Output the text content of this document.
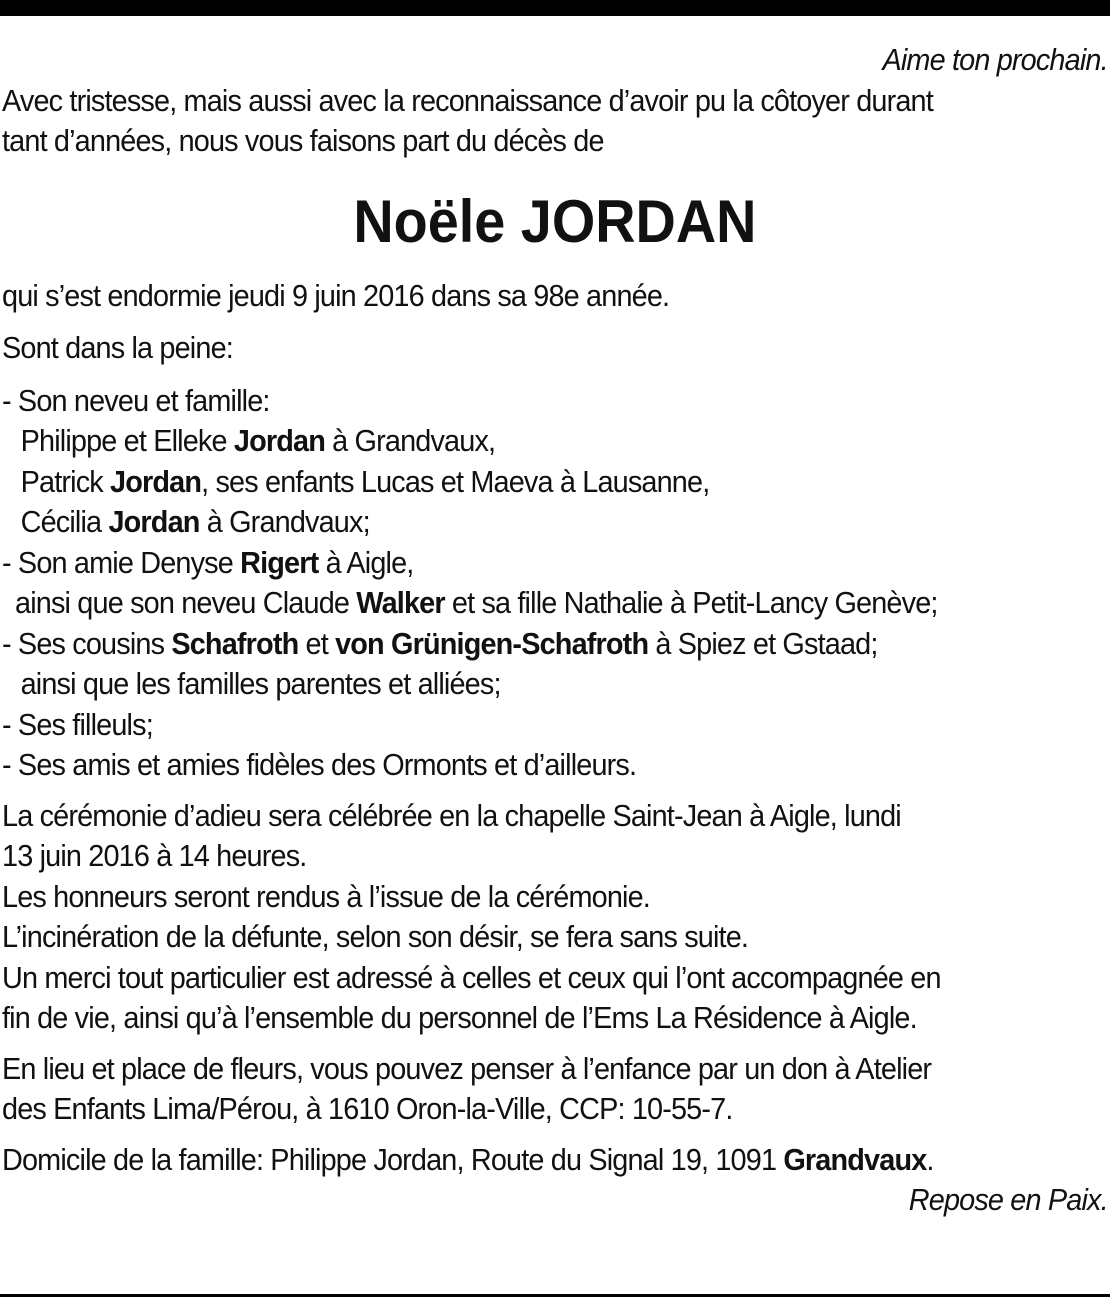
Aime ton prochain.
Avec tristesse, mais aussi avec la reconnaissance d’avoir pu la côtoyer durant
tant d’années, nous vous faisons part du décès de
Noële JORDAN
qui s’est endormie jeudi 9 juin 2016 dans sa 98e année.
Sont dans la peine:
- Son neveu et famille:
Philippe et Elleke Jordan à Grandvaux,
Patrick Jordan, ses enfants Lucas et Maeva à Lausanne,
Cécilia Jordan à Grandvaux;
- Son amie Denyse Rigert à Aigle,
ainsi que son neveu Claude Walker et sa fille Nathalie à Petit-Lancy Genève;
- Ses cousins Schafroth et von Grünigen-Schafroth à Spiez et Gstaad;
ainsi que les familles parentes et alliées;
- Ses filleuls;
- Ses amis et amies fidèles des Ormonts et d’ailleurs.
La cérémonie d’adieu sera célébrée en la chapelle Saint-Jean à Aigle, lundi
13 juin 2016 à 14 heures.
Les honneurs seront rendus à l’issue de la cérémonie.
L’incinération de la défunte, selon son désir, se fera sans suite.
Un merci tout particulier est adressé à celles et ceux qui l’ont accompagnée en
fin de vie, ainsi qu’à l’ensemble du personnel de l’Ems La Résidence à Aigle.
En lieu et place de fleurs, vous pouvez penser à l’enfance par un don à Atelier
des Enfants Lima/Pérou, à 1610 Oron-la-Ville, CCP: 10-55-7.
Domicile de la famille: Philippe Jordan, Route du Signal 19, 1091 Grandvaux.
Repose en Paix.
